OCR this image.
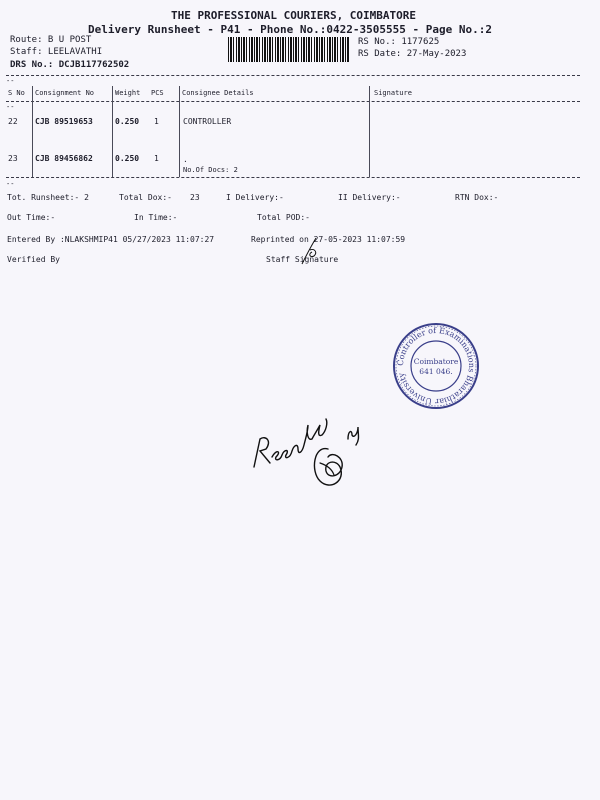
THE PROFESSIONAL COURIERS, COIMBATORE
Delivery Runsheet - P41 - Phone No.:0422-3505555 - Page No.:2
Route: B U POST
Staff: LEELAVATHI
DRS No.: DCJB117762502
RS No.: 1177625
RS Date: 27-May-2023
--
--
--
S No Consignment No	Weight PCS	Consignee Details	Signature
22 CJB 89519653	0.250 1	CONTROLLER
23 CJB 89456862	0.250 1	.
No.Of Docs: 2
Tot. Runsheet:- 2	Total Dox:- 23	I Delivery:-	II Delivery:-	RTN Dox:-
Out Time:-	In Time:-	Total POD:-
Entered By :NLAKSHMIP41 05/27/2023 11:07:27	Reprinted on 27-05-2023 11:07:59
Verified By	Staff Signature
Controller of Examinations Bharathiar University
Coimbatore
641 046.
